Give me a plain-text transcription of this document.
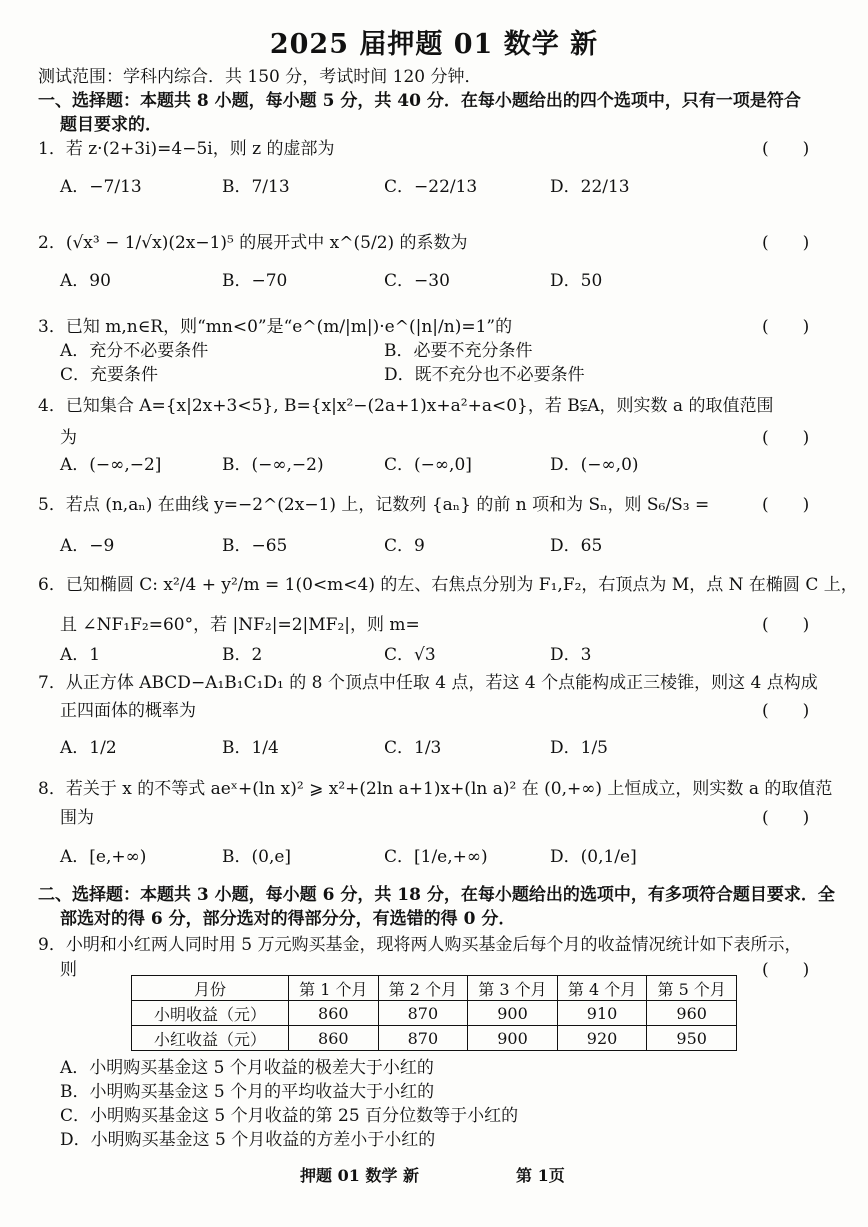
2025 届押题 01 数学 新
测试范围：学科内综合．共 150 分，考试时间 120 分钟．
一、选择题：本题共 8 小题，每小题 5 分，共 40 分．在每小题给出的四个选项中，只有一项是符合
题目要求的．
1．若 z·(2+3i)=4−5i，则 z 的虚部为	(　　)
A．−7/13	B．7/13	C．−22/13	D．22/13
2．(√x³ − 1/√x)(2x−1)⁵ 的展开式中 x^(5/2) 的系数为	(　　)
A．90	B．−70	C．−30	D．50
3．已知 m,n∈R，则“mn<0”是“e^(m/|m|)·e^(|n|/n)=1”的	(　　)
A．充分不必要条件	B．必要不充分条件
C．充要条件	D．既不充分也不必要条件
4．已知集合 A={x|2x+3<5}, B={x|x²−(2a+1)x+a²+a<0}，若 B⫋A，则实数 a 的取值范围
为	(　　)
A．(−∞,−2]	B．(−∞,−2)	C．(−∞,0]	D．(−∞,0)
5．若点 (n,aₙ) 在曲线 y=−2^(2x−1) 上，记数列 {aₙ} 的前 n 项和为 Sₙ，则 S₆/S₃ =	(　　)
A．−9	B．−65	C．9	D．65
6．已知椭圆 C: x²/4 + y²/m = 1(0<m<4) 的左、右焦点分别为 F₁,F₂，右顶点为 M，点 N 在椭圆 C 上，
且 ∠NF₁F₂=60°，若 |NF₂|=2|MF₂|，则 m=	(　　)
A．1	B．2	C．√3	D．3
7．从正方体 ABCD−A₁B₁C₁D₁ 的 8 个顶点中任取 4 点，若这 4 个点能构成正三棱锥，则这 4 点构成
正四面体的概率为	(　　)
A．1/2	B．1/4	C．1/3	D．1/5
8．若关于 x 的不等式 aeˣ+(ln x)² ⩾ x²+(2ln a+1)x+(ln a)² 在 (0,+∞) 上恒成立，则实数 a 的取值范
围为	(　　)
A．[e,+∞)	B．(0,e]	C．[1/e,+∞)	D．(0,1/e]
二、选择题：本题共 3 小题，每小题 6 分，共 18 分，在每小题给出的选项中，有多项符合题目要求．全
部选对的得 6 分，部分选对的得部分分，有选错的得 0 分．
9．小明和小红两人同时用 5 万元购买基金，现将两人购买基金后每个月的收益情况统计如下表所示，
则	(　　)
月份	第 1 个月	第 2 个月	第 3 个月	第 4 个月	第 5 个月
小明收益（元）	860	870	900	910	960
小红收益（元）	860	870	900	920	950
A．小明购买基金这 5 个月收益的极差大于小红的
B．小明购买基金这 5 个月的平均收益大于小红的
C．小明购买基金这 5 个月收益的第 25 百分位数等于小红的
D．小明购买基金这 5 个月收益的方差小于小红的
押题 01 数学 新	第 1页
